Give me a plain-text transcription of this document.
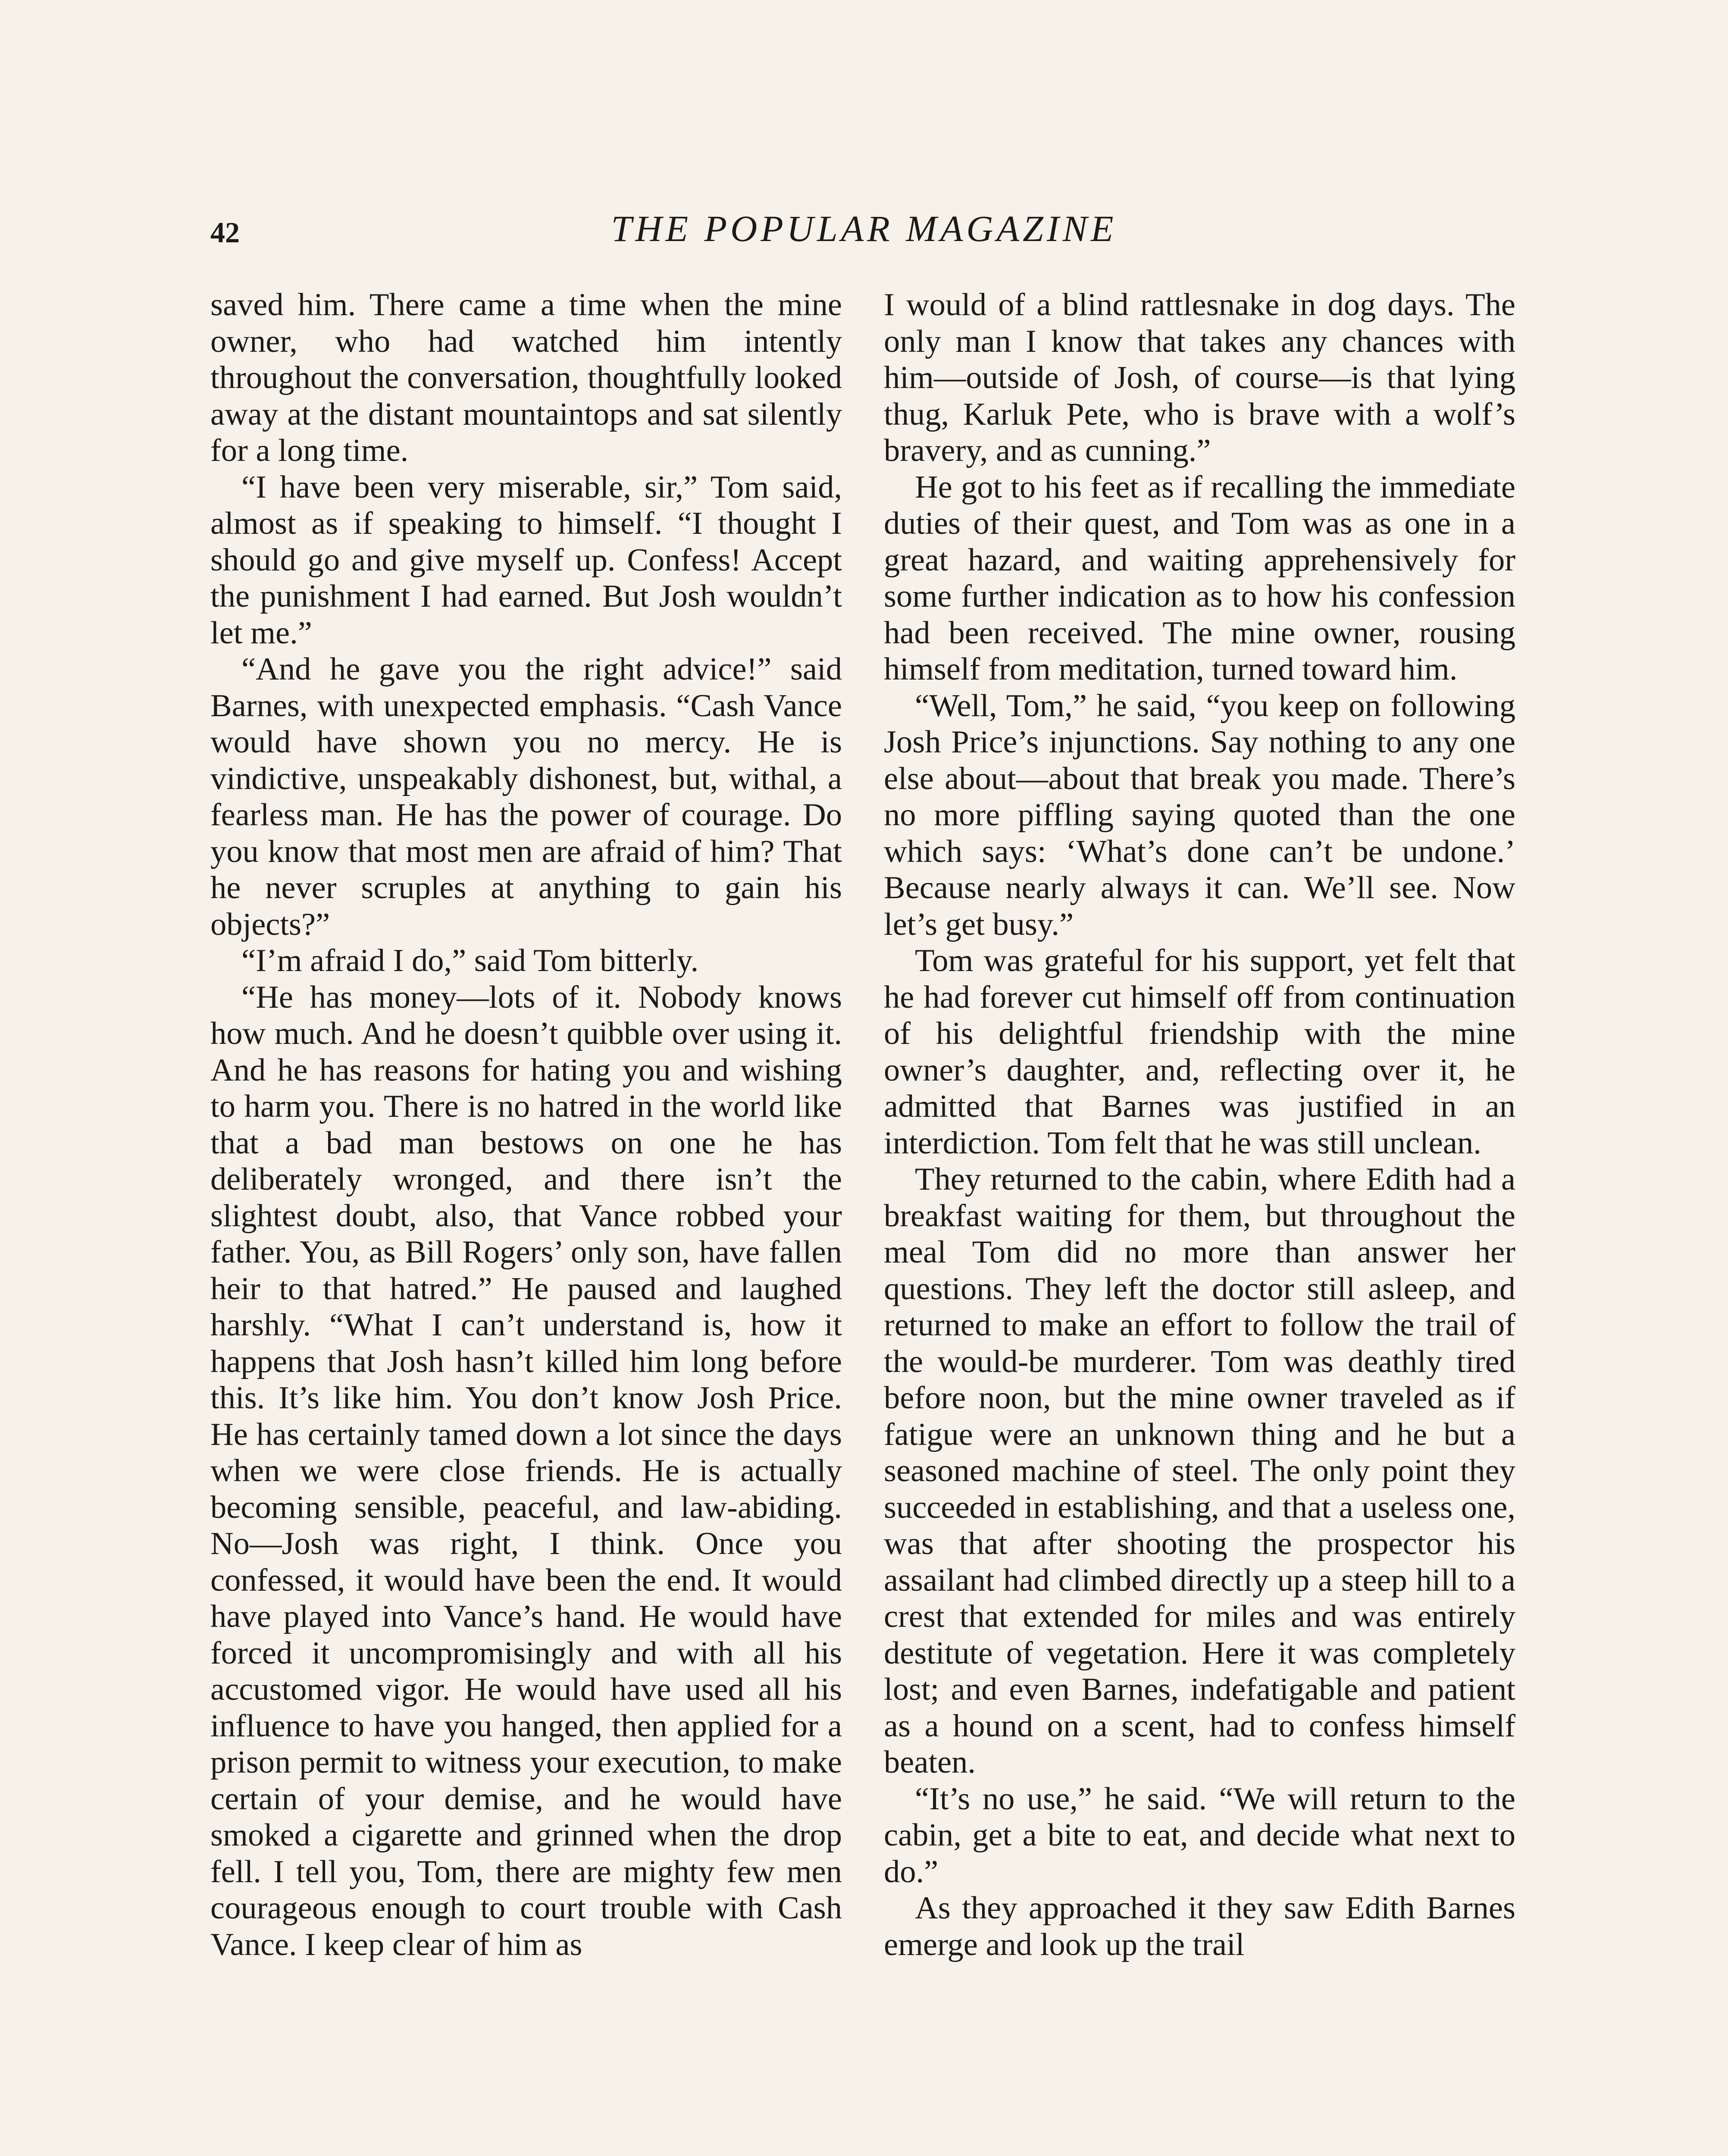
42	THE POPULAR MAGAZINE

saved him. There came a time when the mine owner, who had watched him intently throughout the conversation, thoughtfully looked away at the distant mountaintops and sat silently for a long time.

“I have been very miserable, sir,” Tom said, almost as if speaking to himself. “I thought I should go and give myself up. Confess! Accept the punishment I had earned. But Josh wouldn’t let me.”

“And he gave you the right advice!” said Barnes, with unexpected emphasis. “Cash Vance would have shown you no mercy. He is vindictive, unspeakably dishonest, but, withal, a fearless man. He has the power of courage. Do you know that most men are afraid of him? That he never scruples at anything to gain his objects?”

“I’m afraid I do,” said Tom bitterly.

“He has money—lots of it. Nobody knows how much. And he doesn’t quibble over using it. And he has reasons for hating you and wishing to harm you. There is no hatred in the world like that a bad man bestows on one he has deliberately wronged, and there isn’t the slightest doubt, also, that Vance robbed your father. You, as Bill Rogers’ only son, have fallen heir to that hatred.” He paused and laughed harshly. “What I can’t understand is, how it happens that Josh hasn’t killed him long before this. It’s like him. You don’t know Josh Price. He has certainly tamed down a lot since the days when we were close friends. He is actually becoming sensible, peaceful, and law-abiding. No—Josh was right, I think. Once you confessed, it would have been the end. It would have played into Vance’s hand. He would have forced it uncompromisingly and with all his accustomed vigor. He would have used all his influence to have you hanged, then applied for a prison permit to witness your execution, to make certain of your demise, and he would have smoked a cigarette and grinned when the drop fell. I tell you, Tom, there are mighty few men courageous enough to court trouble with Cash Vance. I keep clear of him as

I would of a blind rattlesnake in dog days. The only man I know that takes any chances with him—outside of Josh, of course—is that lying thug, Karluk Pete, who is brave with a wolf’s bravery, and as cunning.”

He got to his feet as if recalling the immediate duties of their quest, and Tom was as one in a great hazard, and waiting apprehensively for some further indication as to how his confession had been received. The mine owner, rousing himself from meditation, turned toward him.

“Well, Tom,” he said, “you keep on following Josh Price’s injunctions. Say nothing to any one else about—about that break you made. There’s no more piffling saying quoted than the one which says: ‘What’s done can’t be undone.’ Because nearly always it can. We’ll see. Now let’s get busy.”

Tom was grateful for his support, yet felt that he had forever cut himself off from continuation of his delightful friendship with the mine owner’s daughter, and, reflecting over it, he admitted that Barnes was justified in an interdiction. Tom felt that he was still unclean.

They returned to the cabin, where Edith had a breakfast waiting for them, but throughout the meal Tom did no more than answer her questions. They left the doctor still asleep, and returned to make an effort to follow the trail of the would-be murderer. Tom was deathly tired before noon, but the mine owner traveled as if fatigue were an unknown thing and he but a seasoned machine of steel. The only point they succeeded in establishing, and that a useless one, was that after shooting the prospector his assailant had climbed directly up a steep hill to a crest that extended for miles and was entirely destitute of vegetation. Here it was completely lost; and even Barnes, indefatigable and patient as a hound on a scent, had to confess himself beaten.

“It’s no use,” he said. “We will return to the cabin, get a bite to eat, and decide what next to do.”

As they approached it they saw Edith Barnes emerge and look up the trail
